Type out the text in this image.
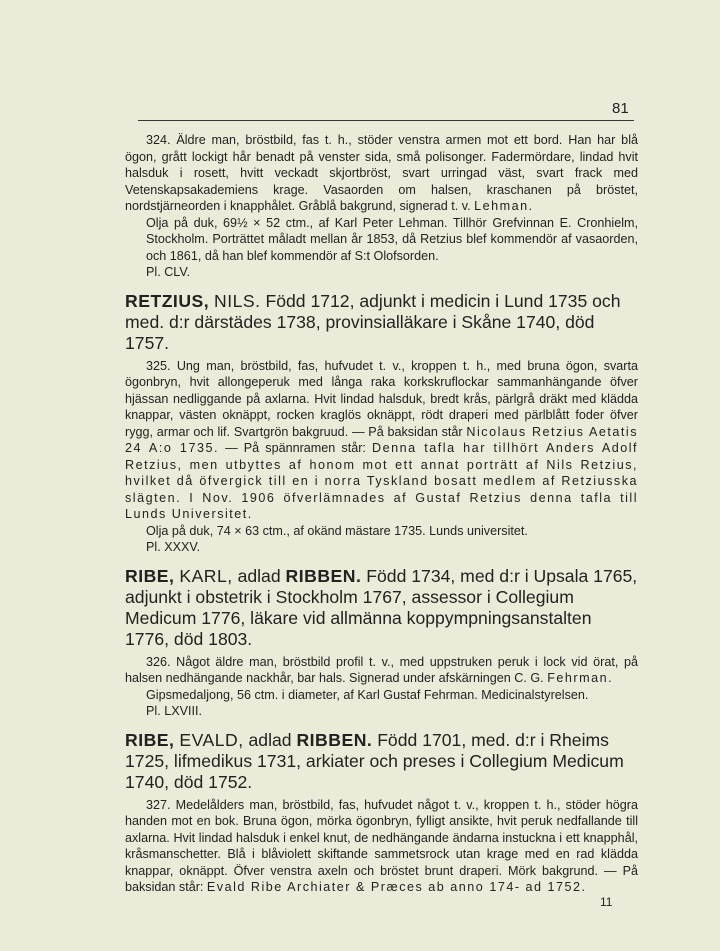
81

324. Äldre man, bröstbild, fas t. h., stöder venstra armen mot ett bord. Han har blå ögon, grått lockigt hår benadt på venster sida, små polisonger. Fadermördare, lindad hvit halsduk i rosett, hvitt veckadt skjortbröst, svart urringad väst, svart frack med Vetenskapsakademiens krage. Vasaorden om halsen, kraschanen på bröstet, nordstjärneorden i knapphålet. Gråblå bakgrund, signerad t. v. Lehman.

Olja på duk, 69½ × 52 ctm., af Karl Peter Lehman. Tillhör Grefvinnan E. Cronhielm, Stockholm. Porträttet måladt mellan år 1853, då Retzius blef kommendör af vasaorden, och 1861, då han blef kommendör af S:t Olofsorden.

Pl. CLV.

RETZIUS, NILS. Född 1712, adjunkt i medicin i Lund 1735 och med. d:r därstädes 1738, provinsialläkare i Skåne 1740, död 1757.

325. Ung man, bröstbild, fas, hufvudet t. v., kroppen t. h., med bruna ögon, svarta ögonbryn, hvit allongeperuk med långa raka korkskruflockar sammanhängande öfver hjässan nedliggande på axlarna. Hvit lindad halsduk, bredt krås, pärlgrå dräkt med klädda knappar, västen oknäppt, rocken kraglös oknäppt, rödt draperi med pärlblått foder öfver rygg, armar och lif. Svartgrön bakgruud. — På baksidan står Nicolaus Retzius Aetatis 24 A:o 1735. — På spännramen står: Denna tafla har tillhört Anders Adolf Retzius, men utbyttes af honom mot ett annat porträtt af Nils Retzius, hvilket då öfvergick till en i norra Tyskland bosatt medlem af Retziusska slägten. I Nov. 1906 öfverlämnades af Gustaf Retzius denna tafla till Lunds Universitet.

Olja på duk, 74 × 63 ctm., af okänd mästare 1735. Lunds universitet.

Pl. XXXV.

RIBE, KARL, adlad RIBBEN. Född 1734, med d:r i Upsala 1765, adjunkt i obstetrik i Stockholm 1767, assessor i Collegium Medicum 1776, läkare vid allmänna koppympningsanstalten 1776, död 1803.

326. Något äldre man, bröstbild profil t. v., med uppstruken peruk i lock vid örat, på halsen nedhängande nackhår, bar hals. Signerad under afskärningen C. G. Fehrman.

Gipsmedaljong, 56 ctm. i diameter, af Karl Gustaf Fehrman. Medicinalstyrelsen.

Pl. LXVIII.

RIBE, EVALD, adlad RIBBEN. Född 1701, med. d:r i Rheims 1725, lifmedikus 1731, arkiater och preses i Collegium Medicum 1740, död 1752.

327. Medelålders man, bröstbild, fas, hufvudet något t. v., kroppen t. h., stöder högra handen mot en bok. Bruna ögon, mörka ögonbryn, fylligt ansikte, hvit peruk nedfallande till axlarna. Hvit lindad halsduk i enkel knut, de nedhängande ändarna instuckna i ett knapphål, kråsmanschetter. Blå i blåviolett skiftande sammetsrock utan krage med en rad klädda knappar, oknäppt. Öfver venstra axeln och bröstet brunt draperi. Mörk bakgrund. — På baksidan står: Evald Ribe Archiater & Præces ab anno 174- ad 1752.

11
